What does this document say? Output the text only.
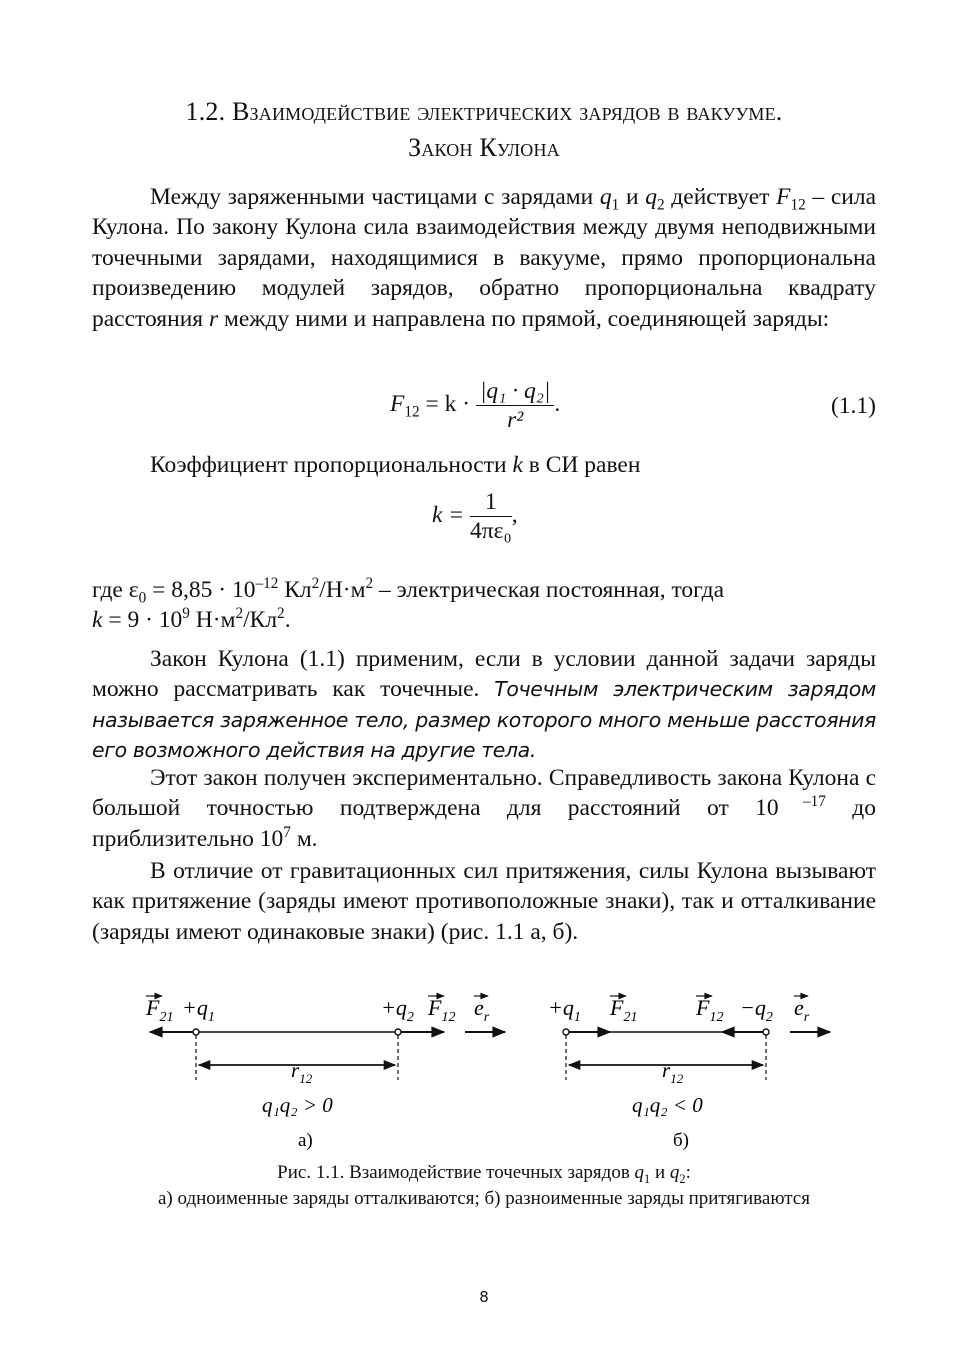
1.2. Взаимодействие электрических зарядов в вакууме.
Закон Кулона

Между заряженными частицами с зарядами $q_1$ и $q_2$ действует $F_{12}$ – сила Кулона. По закону Кулона сила взаимодействия между двумя неподвижными точечными зарядами, находящимися в вакууме, прямо пропорциональна произведению модулей зарядов, обратно пропорциональна квадрату расстояния r между ними и направлена по прямой, соединяющей заряды:

$F_{12} = k \cdot \frac{\text{|q₁ · q₂|}}{\text{r²}}$ .	(1.1)

Коэффициент пропорциональности k в СИ равен

$k = \frac{1}{\text{4πε₀}}$ ,

где $\varepsilon_0 = 8,85 \cdot 10^{-12}$ $Кл^2/Н\cdot м^2$ – электрическая постоянная, тогда
$k = 9 \cdot 10^9$ $Н\cdot м^2/Кл^2$.

Закон Кулона (1.1) применим, если в условии данной задачи заряды можно рассматривать как точечные. Точечным электрическим зарядом называется заряженное тело, размер которого много меньше расстояния его возможного действия на другие тела.

Этот закон получен экспериментально. Справедливость закона Кулона с большой точностью подтверждена для расстояний от 10 $^{-17}$ до приблизительно $10^7$ м.

В отличие от гравитационных сил притяжения, силы Кулона вызывают как притяжение (заряды имеют противоположные знаки), так и отталкивание (заряды имеют одинаковые знаки) (рис. 1.1 а, б).

Рис. 1.1. Взаимодействие точечных зарядов $q_1$ и $q_2$:
а) одноименные заряды отталкиваются; б) разноименные заряды притягиваются
$F_{21} +q_1$	$+q_2$ $F_{12}$ $e_r$
$r_{12}$
q₁q₂ > 0
а)
$+q_1$ $F_{21}$	$F_{12} -q_2$ $e_r$
$r_{12}$
q₁q₂ < 0
б)
8
